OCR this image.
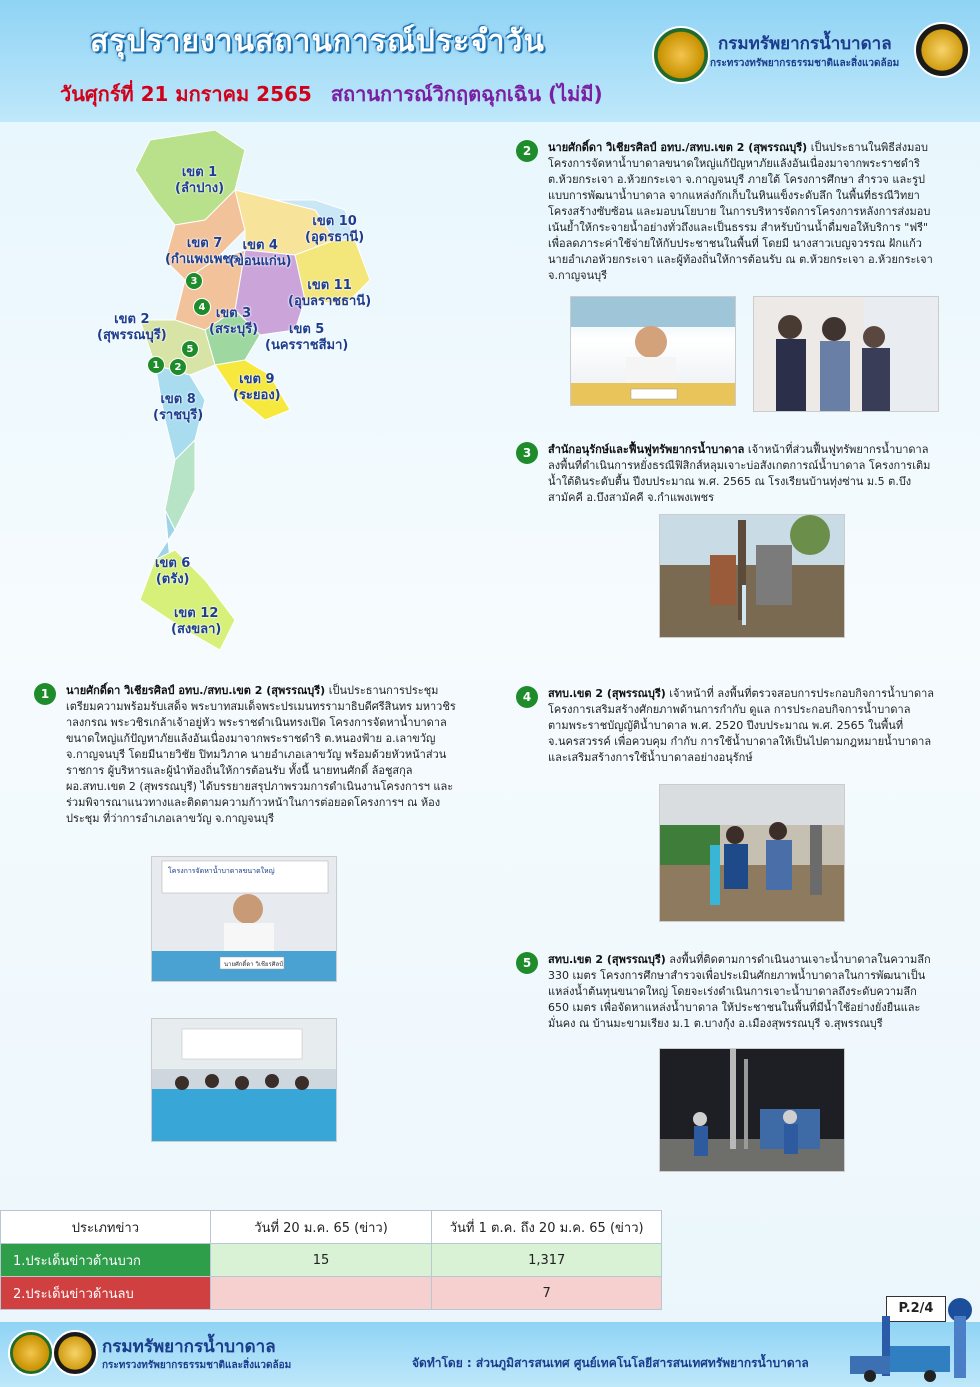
สรุปรายงานสถานการณ์ประจำวัน
วันศุกร์ที่ 21 มกราคม 2565 สถานการณ์วิกฤตฉุกเฉิน (ไม่มี)
กรมทรัพยากรน้ำบาดาล
กระทรวงทรัพยากรธรรมชาติและสิ่งแวดล้อม
เขต 1
(ลำปาง)
เขต 7
(กำแพงเพชร)
เขต 4
(ขอนแก่น)
เขต 10
(อุดรธานี)
เขต 11
(อุบลราชธานี)
เขต 2
(สุพรรณบุรี)
เขต 3
(สระบุรี)	เขต 5
(นครราชสีมา)
เขต 9
(ระยอง)
เขต 8
(ราชบุรี)
เขต 6
(ตรัง)
เขต 12
(สงขลา)
1	2
3
4
5
2	นายศักดิ์ดา วิเชียรศิลป์ อทบ./สทบ.เขต 2 (สุพรรณบุรี) เป็นประธานในพิธีส่งมอบโครงการจัดหาน้ำบาดาลขนาดใหญ่แก้ปัญหาภัยแล้งอันเนื่องมาจากพระราชดำริ ต.ห้วยกระเจา อ.ห้วยกระเจา จ.กาญจนบุรี ภายใต้ โครงการศึกษา สำรวจ และรูปแบบการพัฒนาน้ำบาดาล จากแหล่งกักเก็บในหินแข็งระดับลึก ในพื้นที่ธรณีวิทยาโครงสร้างซับซ้อน และมอบนโยบาย ในการบริหารจัดการโครงการหลังการส่งมอบ เน้นย้ำให้กระจายน้ำอย่างทั่วถึงและเป็นธรรม สำหรับบ้านน้ำดื่มขอให้บริการ "ฟรี" เพื่อลดภาระค่าใช้จ่ายให้กับประชาชนในพื้นที่ โดยมี นางสาวเบญจวรรณ ฝักแก้ว นายอำเภอห้วยกระเจา และผู้ท้องถิ่นให้การต้อนรับ ณ ต.ห้วยกระเจา อ.ห้วยกระเจา จ.กาญจนบุรี
3	สำนักอนุรักษ์และฟื้นฟูทรัพยากรน้ำบาดาล เจ้าหน้าที่ส่วนฟื้นฟูทรัพยากรน้ำบาดาล ลงพื้นที่ดำเนินการหยั่งธรณีฟิสิกส์หลุมเจาะบ่อสังเกตการณ์น้ำบาดาล โครงการเติมน้ำใต้ดินระดับตื้น ปีงบประมาณ พ.ศ. 2565 ณ โรงเรียนบ้านทุ่งซ่าน ม.5 ต.บึงสามัคคี อ.บึงสามัคคี จ.กำแพงเพชร
4	สทบ.เขต 2 (สุพรรณบุรี) เจ้าหน้าที่ ลงพื้นที่ตรวจสอบการประกอบกิจการน้ำบาดาล โครงการเสริมสร้างศักยภาพด้านการกำกับ ดูแล การประกอบกิจการน้ำบาดาล ตามพระราชบัญญัติน้ำบาดาล พ.ศ. 2520 ปีงบประมาณ พ.ศ. 2565 ในพื้นที่ จ.นครสวรรค์ เพื่อควบคุม กำกับ การใช้น้ำบาดาลให้เป็นไปตามกฎหมายน้ำบาดาล และเสริมสร้างการใช้น้ำบาดาลอย่างอนุรักษ์
5	สทบ.เขต 2 (สุพรรณบุรี) ลงพื้นที่ติดตามการดำเนินงานเจาะน้ำบาดาลในความลึก 330 เมตร โครงการศึกษาสำรวจเพื่อประเมินศักยภาพน้ำบาดาลในการพัฒนาเป็นแหล่งน้ำต้นทุนขนาดใหญ่ โดยจะเร่งดำเนินการเจาะน้ำบาดาลถึงระดับความลึก 650 เมตร เพื่อจัดหาแหล่งน้ำบาดาล ให้ประชาชนในพื้นที่มีน้ำใช้อย่างยั่งยืนและมั่นคง ณ บ้านมะขามเรียง ม.1 ต.บางกุ้ง อ.เมืองสุพรรณบุรี จ.สุพรรณบุรี
1	นายศักดิ์ดา วิเชียรศิลป์ อทบ./สทบ.เขต 2 (สุพรรณบุรี) เป็นประธานการประชุมเตรียมความพร้อมรับเสด็จ พระบาทสมเด็จพระปรเมนทรรามาธิบดีศรีสินทร มหาวชิราลงกรณ พระวชิรเกล้าเจ้าอยู่หัว พระราชดำเนินทรงเปิด โครงการจัดหาน้ำบาดาลขนาดใหญ่แก้ปัญหาภัยแล้งอันเนื่องมาจากพระราชดำริ ต.หนองฟ้าย อ.เลาขวัญ จ.กาญจนบุรี โดยมีนายวิชัย ปิทมวิภาค นายอำเภอเลาขวัญ พร้อมด้วยหัวหน้าส่วนราชการ ผู้บริหารและผู้นำท้องถิ่นให้การต้อนรับ ทั้งนี้ นายทนศักดิ์ ล้อชูสกุล ผอ.สทบ.เขต 2 (สุพรรณบุรี) ได้บรรยายสรุปภาพรวมการดำเนินงานโครงการฯ และร่วมพิจารณาแนวทางและติดตามความก้าวหน้าในการต่อยอดโครงการฯ ณ ห้องประชุม ที่ว่าการอำเภอเลาขวัญ จ.กาญจนบุรี
โครงการจัดหาน้ำบาดาลขนาดใหญ่
นายศักดิ์ดา วิเชียรศิลป์
ประเภทข่าว	วันที่ 20 ม.ค. 65 (ข่าว)	วันที่ 1 ต.ค. ถึง 20 ม.ค. 65 (ข่าว)
1.ประเด็นข่าวด้านบวก	15	1,317
2.ประเด็นข่าวด้านลบ		7
P.2/4
กรมทรัพยากรน้ำบาดาล
กระทรวงทรัพยากรธรรมชาติและสิ่งแวดล้อม	จัดทำโดย : ส่วนภูมิสารสนเทศ ศูนย์เทคโนโลยีสารสนเทศทรัพยากรน้ำบาดาล
